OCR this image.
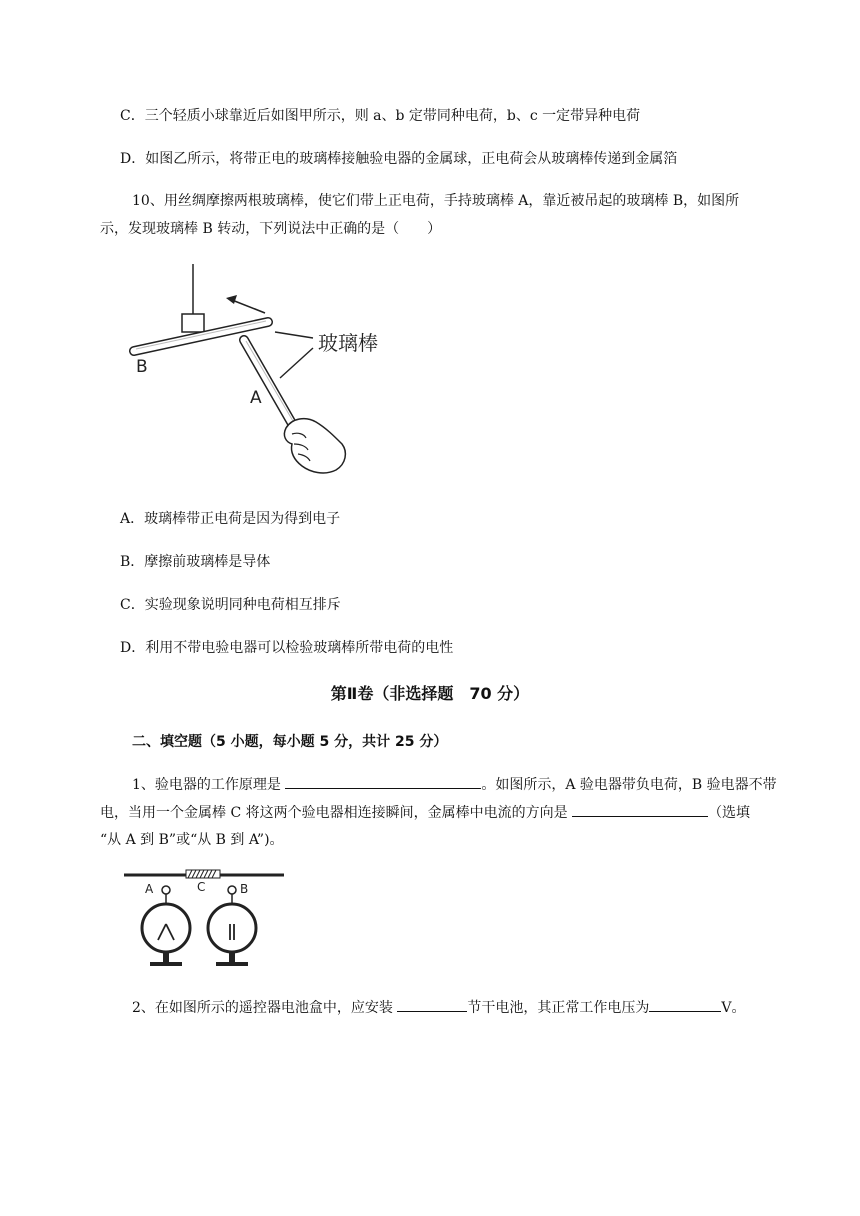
C．三个轻质小球靠近后如图甲所示，则 a、b 定带同种电荷，b、c 一定带异种电荷
D．如图乙所示，将带正电的玻璃棒接触验电器的金属球，正电荷会从玻璃棒传递到金属箔
10、用丝绸摩擦两根玻璃棒，使它们带上正电荷，手持玻璃棒 A，靠近被吊起的玻璃棒 B，如图所
示，发现玻璃棒 B 转动，下列说法中正确的是（　　）
B
A
玻璃棒
A．玻璃棒带正电荷是因为得到电子
B．摩擦前玻璃棒是导体
C．实验现象说明同种电荷相互排斥
D．利用不带电验电器可以检验玻璃棒所带电荷的电性
第Ⅱ卷（非选择题　70 分）
二、填空题（5 小题，每小题 5 分，共计 25 分）
1、验电器的工作原理是	。如图所示，A 验电器带负电荷，B 验电器不带
电，当用一个金属棒 C 将这两个验电器相连接瞬间，金属棒中电流的方向是	（选填
“从 A 到 B”或“从 B 到 A”)。
A	B
C
2、在如图所示的遥控器电池盒中，应安装	节干电池，其正常工作电压为	V。
